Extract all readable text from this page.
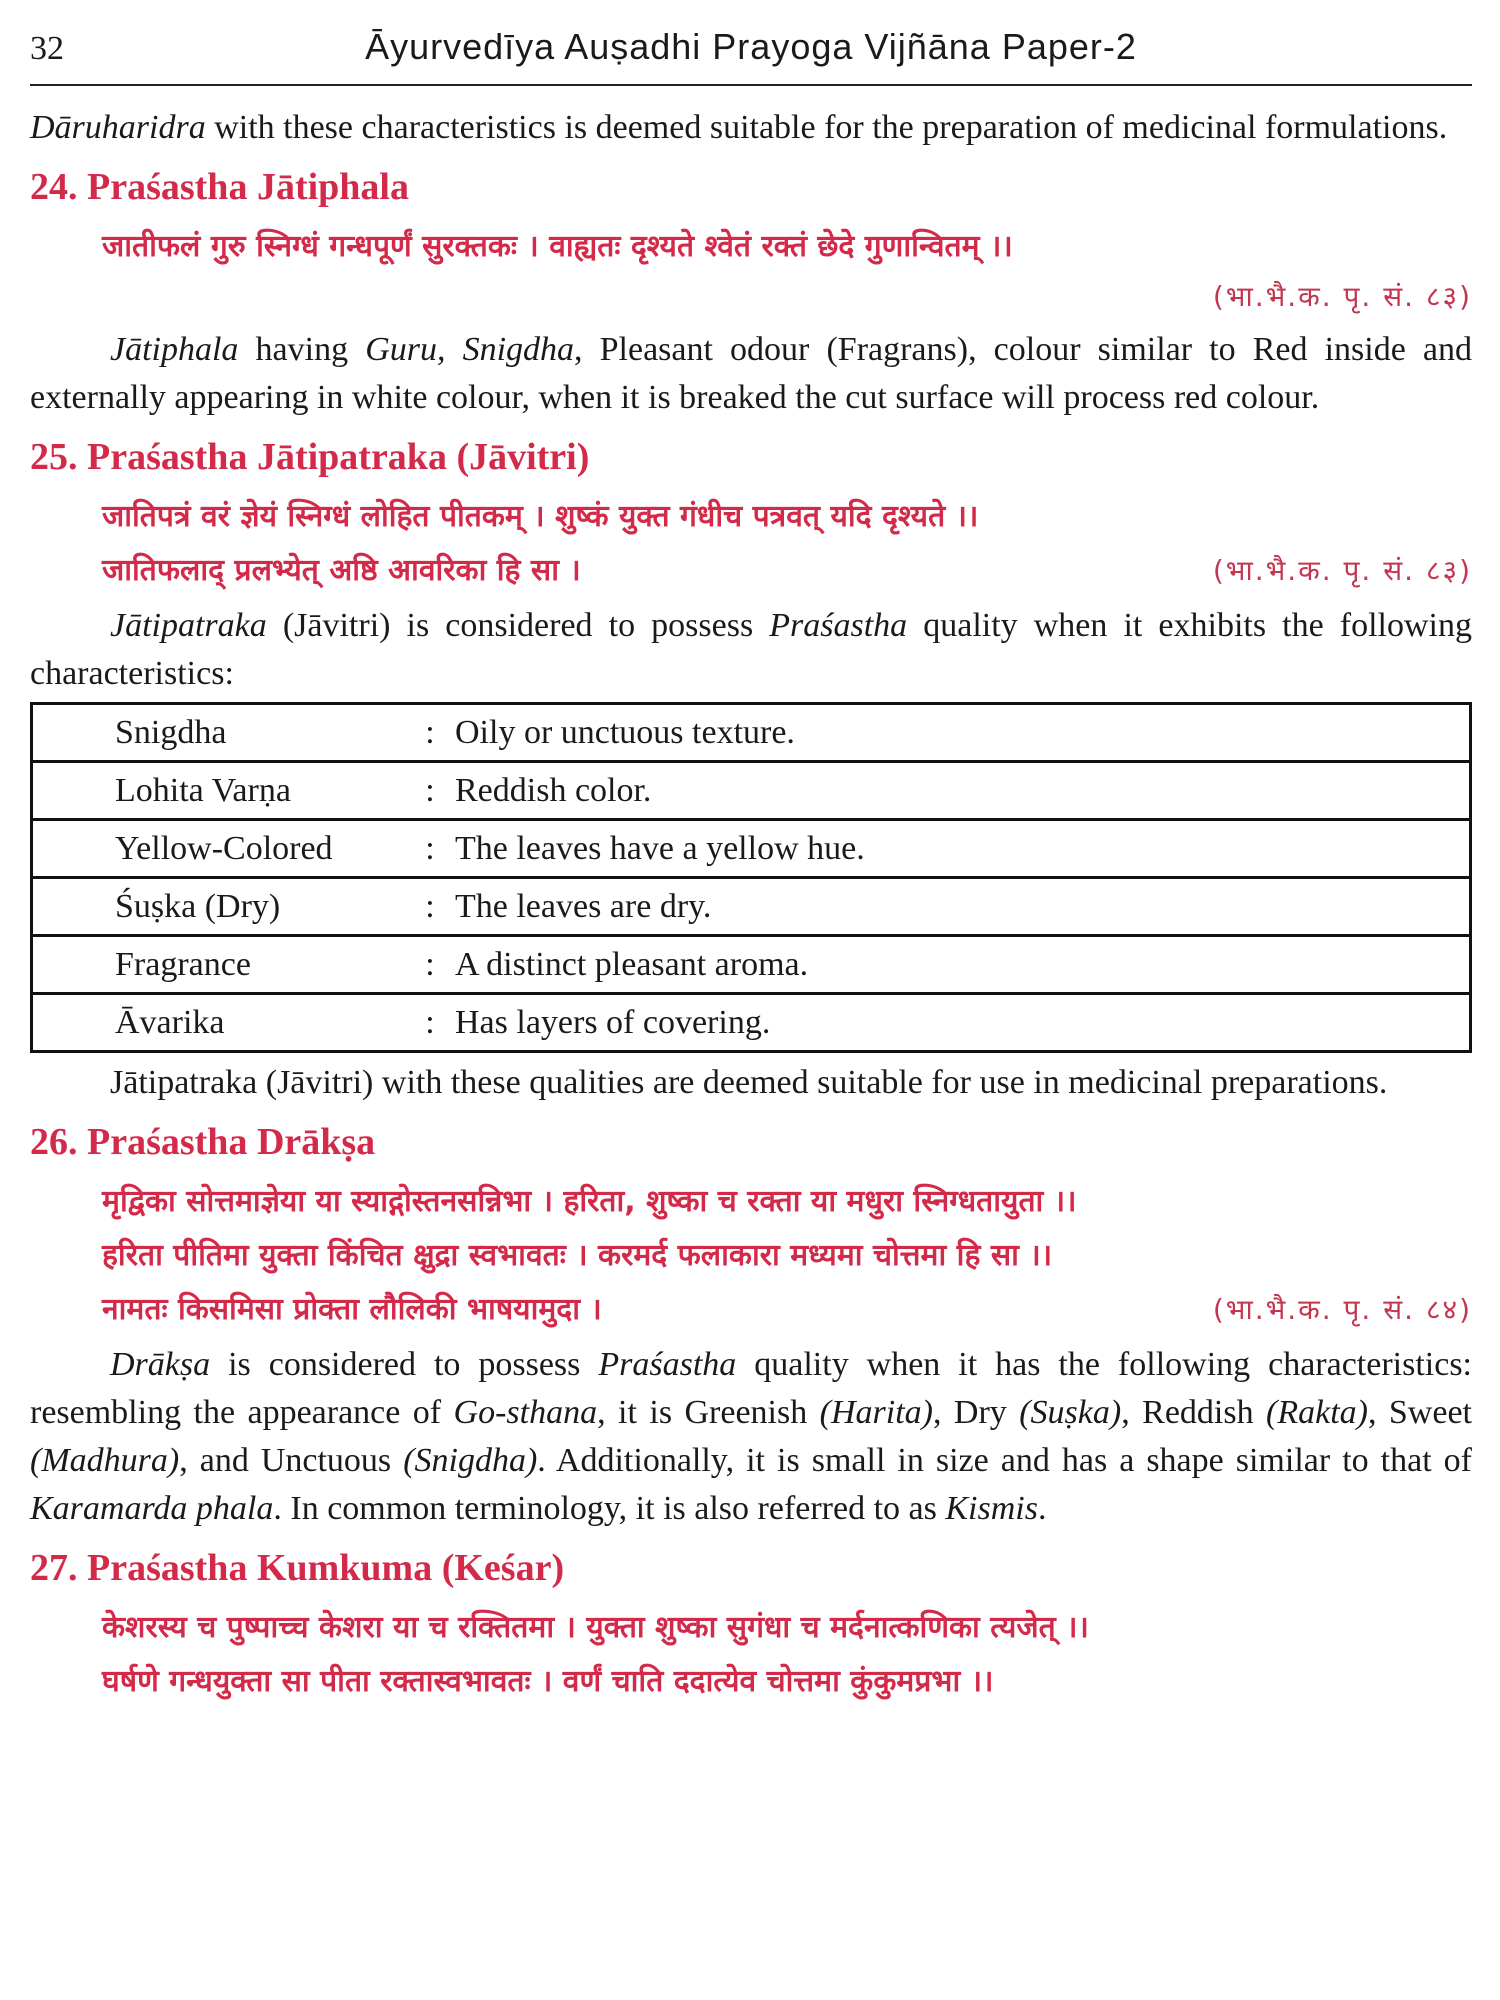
32	Āyurvedīya Auṣadhi Prayoga Vijñāna Paper-2

Dāruharidra with these characteristics is deemed suitable for the preparation of medicinal formulations.

24. Praśastha Jātiphala
जातीफलं गुरु स्निग्धं गन्धपूर्णं सुरक्तकः । वाह्यतः दृश्यते श्वेतं रक्तं छेदे गुणान्वितम् ।।
(भा.भै.क. पृ. सं. ८३)

Jātiphala having Guru, Snigdha, Pleasant odour (Fragrans), colour similar to Red inside and externally appearing in white colour, when it is breaked the cut surface will process red colour.

25. Praśastha Jātipatraka (Jāvitri)
जातिपत्रं वरं ज्ञेयं स्निग्धं लोहित पीतकम् । शुष्कं युक्त गंधीच पत्रवत् यदि दृश्यते ।।
जातिफलाद् प्रलभ्येत् अष्ठि आवरिका हि सा ।	(भा.भै.क. पृ. सं. ८३)

Jātipatraka (Jāvitri) is considered to possess Praśastha quality when it exhibits the following characteristics:

Snigdha	:	Oily or unctuous texture.
Lohita Varṇa	:	Reddish color.
Yellow-Colored	:	The leaves have a yellow hue.
Śuṣka (Dry)	:	The leaves are dry.
Fragrance	:	A distinct pleasant aroma.
Āvarika	:	Has layers of covering.

Jātipatraka (Jāvitri) with these qualities are deemed suitable for use in medicinal preparations.

26. Praśastha Drākṣa
मृद्विका सोत्तमाज्ञेया या स्याद्गोस्तनसन्निभा । हरिता, शुष्का च रक्ता या मधुरा स्निग्धतायुता ।।
हरिता पीतिमा युक्ता किंचित क्षुद्रा स्वभावतः । करमर्द फलाकारा मध्यमा चोत्तमा हि सा ।।
नामतः किसमिसा प्रोक्ता लौलिकी भाषयामुदा ।	(भा.भै.क. पृ. सं. ८४)

Drākṣa is considered to possess Praśastha quality when it has the following characteristics: resembling the appearance of Go-sthana, it is Greenish (Harita), Dry (Suṣka), Reddish (Rakta), Sweet (Madhura), and Unctuous (Snigdha). Additionally, it is small in size and has a shape similar to that of Karamarda phala. In common terminology, it is also referred to as Kismis.

27. Praśastha Kumkuma (Keśar)
केशरस्य च पुष्पाच्च केशरा या च रक्तितमा । युक्ता शुष्का सुगंधा च मर्दनात्कणिका त्यजेत् ।।
घर्षणे गन्धयुक्ता सा पीता रक्तास्वभावतः । वर्णं चाति ददात्येव चोत्तमा कुंकुमप्रभा ।।
